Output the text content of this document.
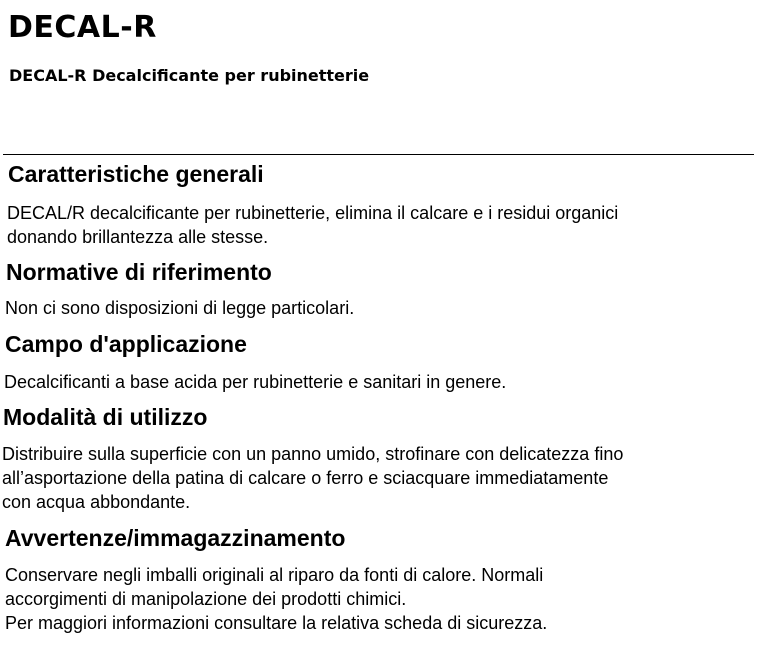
DECAL-R
DECAL-R Decalcificante per rubinetterie
Caratteristiche generali
DECAL/R decalcificante per rubinetterie, elimina il calcare e i residui organici
donando brillantezza alle stesse.
Normative di riferimento
Non ci sono disposizioni di legge particolari.
Campo d'applicazione
Decalcificanti a base acida per rubinetterie e sanitari in genere.
Modalità di utilizzo
Distribuire sulla superficie con un panno umido, strofinare con delicatezza fino
all’asportazione della patina di calcare o ferro e sciacquare immediatamente
con acqua abbondante.
Avvertenze/immagazzinamento
Conservare negli imballi originali al riparo da fonti di calore. Normali
accorgimenti di manipolazione dei prodotti chimici.
Per maggiori informazioni consultare la relativa scheda di sicurezza.
